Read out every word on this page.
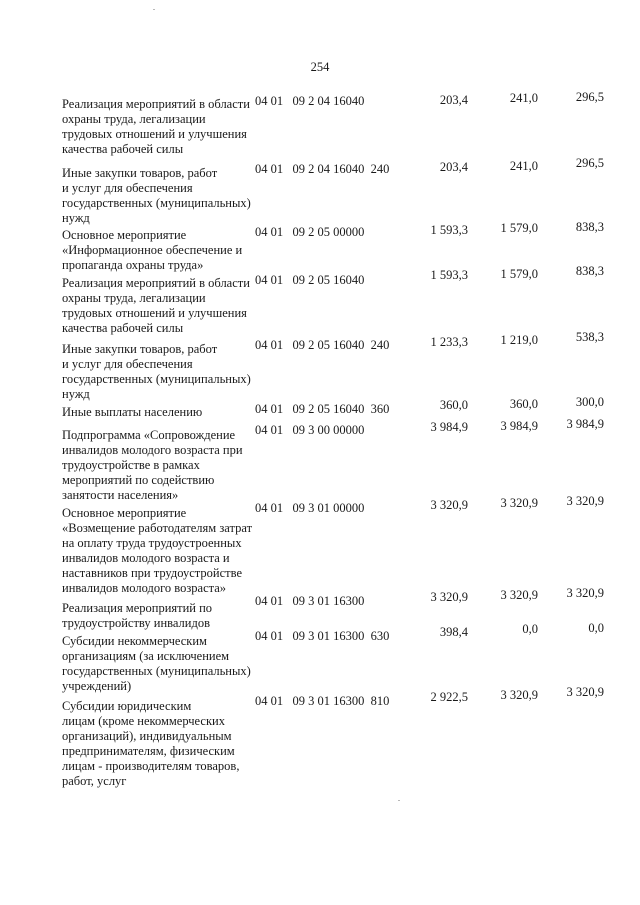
254
Реализация мероприятий в области
охраны труда, легализации
трудовых отношений и улучшения
качества рабочей силы
04 01   09 2 04 16040	203,4	241,0	296,5
Иные закупки товаров, работ
и услуг для обеспечения
государственных (муниципальных)
нужд
04 01   09 2 04 16040  240	203,4	241,0	296,5
Основное мероприятие
«Информационное обеспечение и
пропаганда охраны труда»
04 01   09 2 05 00000	1 593,3	1 579,0	838,3
Реализация мероприятий в области
охраны труда, легализации
трудовых отношений и улучшения
качества рабочей силы
04 01   09 2 05 16040	1 593,3	1 579,0	838,3
Иные закупки товаров, работ
и услуг для обеспечения
государственных (муниципальных)
нужд
04 01   09 2 05 16040  240	1 233,3	1 219,0	538,3
Иные выплаты населению	04 01   09 2 05 16040  360	360,0	360,0	300,0
Подпрограмма «Сопровождение
инвалидов молодого возраста при
трудоустройстве в рамках
мероприятий по содействию
занятости населения»
04 01   09 3 00 00000	3 984,9	3 984,9	3 984,9
Основное мероприятие
«Возмещение работодателям затрат
на оплату труда трудоустроенных
инвалидов молодого возраста и
наставников при трудоустройстве
инвалидов молодого возраста»
04 01   09 3 01 00000	3 320,9	3 320,9	3 320,9
Реализация мероприятий по
трудоустройству инвалидов
04 01   09 3 01 16300	3 320,9	3 320,9	3 320,9
Субсидии некоммерческим
организациям (за исключением
государственных (муниципальных)
учреждений)
04 01   09 3 01 16300  630	398,4	0,0	0,0
Субсидии юридическим
лицам (кроме некоммерческих
организаций), индивидуальным
предпринимателям, физическим
лицам - производителям товаров,
работ, услуг
04 01   09 3 01 16300  810	2 922,5	3 320,9	3 320,9
